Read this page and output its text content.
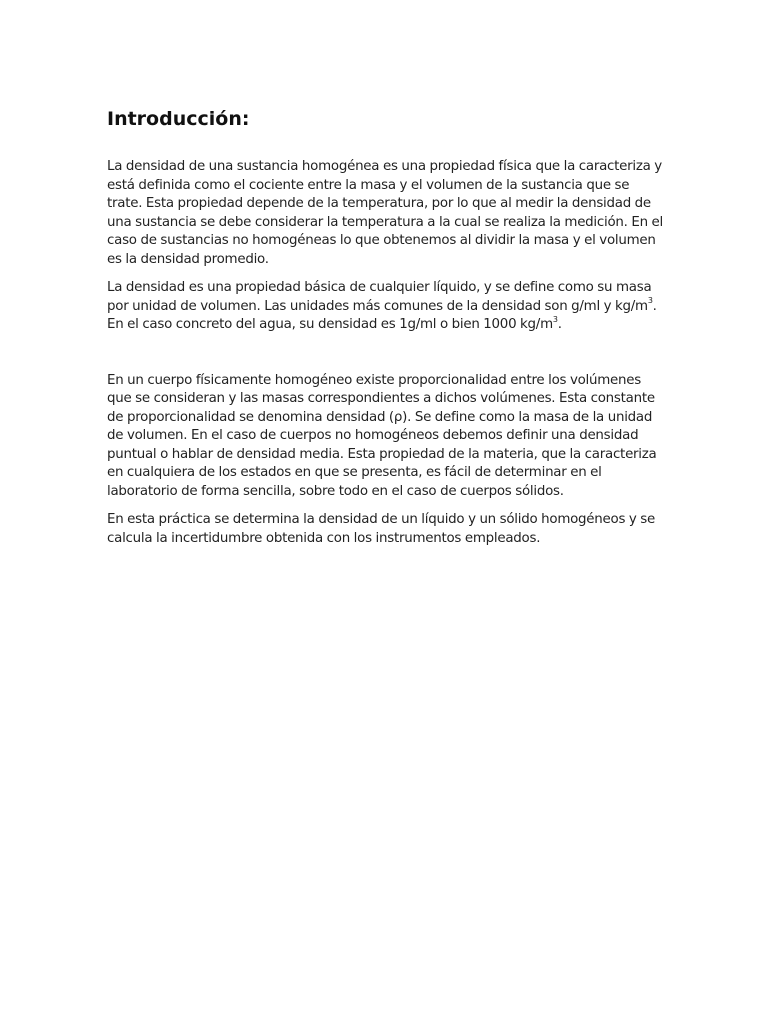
Introducción:

La densidad de una sustancia homogénea es una propiedad física que la caracteriza y está definida como el cociente entre la masa y el volumen de la sustancia que se trate. Esta propiedad depende de la temperatura, por lo que al medir la densidad de una sustancia se debe considerar la temperatura a la cual se realiza la medición. En el caso de sustancias no homogéneas lo que obtenemos al dividir la masa y el volumen es la densidad promedio.

La densidad es una propiedad básica de cualquier líquido, y se define como su masa por unidad de volumen. Las unidades más comunes de la densidad son g/ml y $kg/m^3$. En el caso concreto del agua, su densidad es 1g/ml o bien 1000 $kg/m^3$.

En un cuerpo físicamente homogéneo existe proporcionalidad entre los volúmenes que se consideran y las masas correspondientes a dichos volúmenes. Esta constante de proporcionalidad se denomina densidad (ρ). Se define como la masa de la unidad de volumen. En el caso de cuerpos no homogéneos debemos definir una densidad puntual o hablar de densidad media. Esta propiedad de la materia, que la caracteriza en cualquiera de los estados en que se presenta, es fácil de determinar en el laboratorio de forma sencilla, sobre todo en el caso de cuerpos sólidos.

En esta práctica se determina la densidad de un líquido y un sólido homogéneos y se calcula la incertidumbre obtenida con los instrumentos empleados.
